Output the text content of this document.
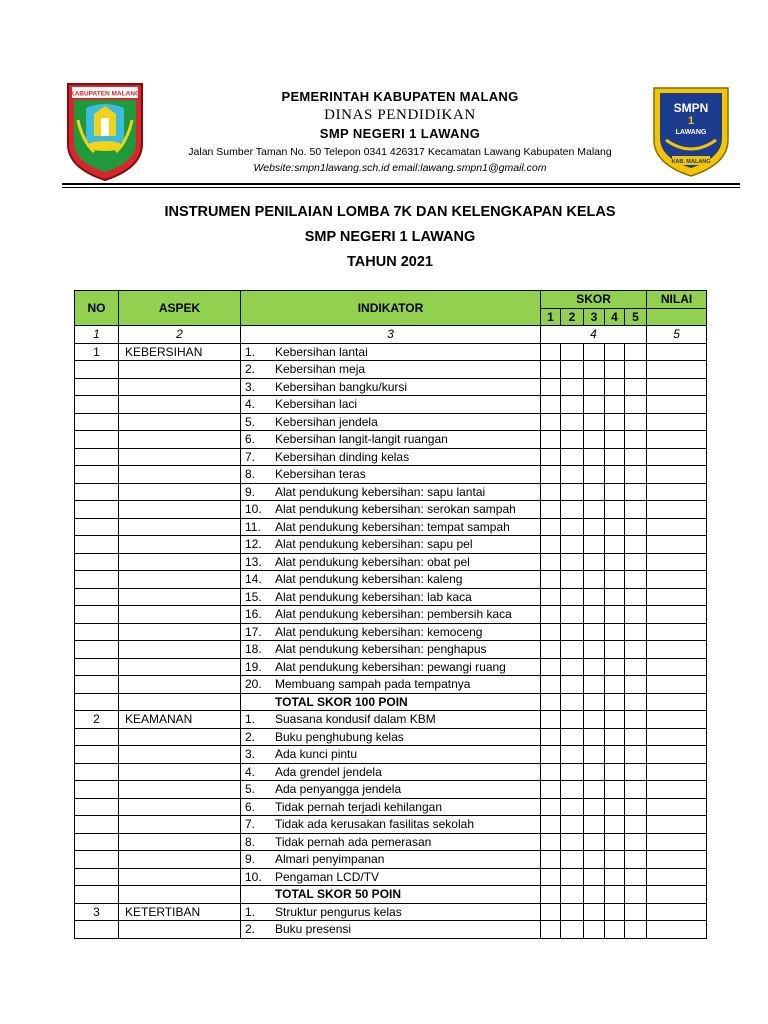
KABUPATEN MALANG	PEMERINTAH KABUPATEN MALANG
DINAS PENDIDIKAN
SMP NEGERI 1 LAWANG
Jalan Sumber Taman No. 50 Telepon 0341 426317 Kecamatan Lawang Kabupaten Malang
Website:smpn1lawang.sch.id email:lawang.smpn1@gmail.com
SMPN
1
LAWANG
KAB. MALANG
INSTRUMEN PENILAIAN LOMBA 7K DAN KELENGKAPAN KELAS
SMP NEGERI 1 LAWANG
TAHUN 2021
NO	ASPEK	INDIKATOR	SKOR					NILAI
			1	2	3	4	5	
1	2	3	4					5
1	KEBERSIHAN	1. Kebersihan lantai						

		2. Kebersihan meja						

		3. Kebersihan bangku/kursi						

		4. Kebersihan laci						

		5. Kebersihan jendela						

		6. Kebersihan langit-langit ruangan						

		7. Kebersihan dinding kelas						

		8. Kebersihan teras						

		9. Alat pendukung kebersihan: sapu lantai						

		10. Alat pendukung kebersihan: serokan sampah						

		11. Alat pendukung kebersihan: tempat sampah						

		12. Alat pendukung kebersihan: sapu pel						

		13. Alat pendukung kebersihan: obat pel						

		14. Alat pendukung kebersihan: kaleng						

		15. Alat pendukung kebersihan: lab kaca						

		16. Alat pendukung kebersihan: pembersih kaca						

		17. Alat pendukung kebersihan: kemoceng						

		18. Alat pendukung kebersihan: penghapus						

		19. Alat pendukung kebersihan: pewangi ruang						

		20. Membuang sampah pada tempatnya						

		TOTAL SKOR 100 POIN						
2	KEAMANAN	1. Suasana kondusif dalam KBM						

		2. Buku penghubung kelas						

		3. Ada kunci pintu						

		4. Ada grendel jendela						

		5. Ada penyangga jendela						

		6. Tidak pernah terjadi kehilangan						

		7. Tidak ada kerusakan fasilitas sekolah						

		8. Tidak pernah ada pemerasan						

		9. Almari penyimpanan						

		10. Pengaman LCD/TV						

		TOTAL SKOR 50 POIN						
3	KETERTIBAN	1. Struktur pengurus kelas						

		2. Buku presensi						
